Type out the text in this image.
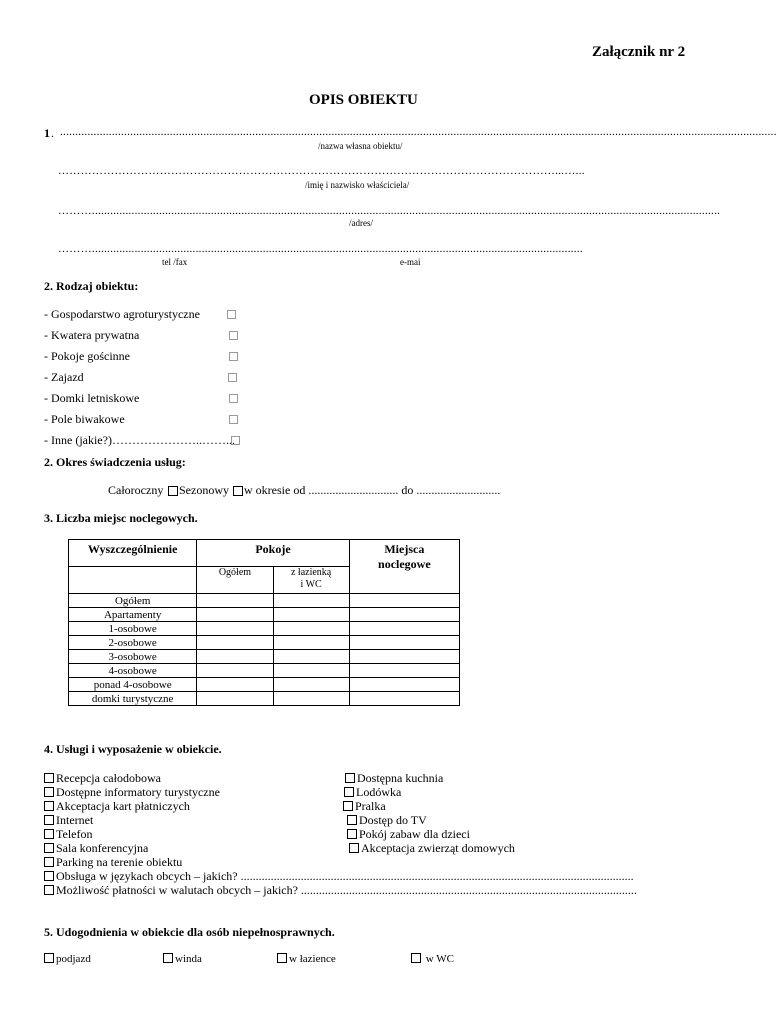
Załącznik nr 2
OPIS OBIEKTU
1 . ...........................................................................................................................................................................................................................................
/nazwa własna obiektu/
……………………………………………………………………………………………………………………...…...
/imię i nazwisko właściciela/
………..............................................................................................................................................................................................................
/adres/
……….................................................................................................................................................................
tel /fax	e-mai
2. Rodzaj obiektu:
- Gospodarstwo agroturystyczne
- Kwatera prywatna
- Pokoje gościnne
- Zajazd
- Domki letniskowe
- Pole biwakowe
- Inne (jakie?)…………………..……...
2. Okres świadczenia usług:
Całoroczny Sezonowy w okresie od .............................. do ............................
3. Liczba miejsc noclegowych.
Wyszczególnienie	Pokoje		Miejsca
noclegowe

	Ogółem	z łazienką
i WC	

Ogółem			
Apartamenty			
1-osobowe			
2-osobowe			
3-osobowe			
4-osobowe			
ponad 4-osobowe			
domki turystyczne			
4. Usługi i wyposażenie w obiekcie.
Recepcja całodobowa
Dostępne informatory turystyczne
Akceptacja kart płatniczych
Internet
Telefon
Sala konferencyjna
Parking na terenie obiektu
Dostępna kuchnia
Lodówka
Pralka
Dostęp do TV
Pokój zabaw dla dzieci
Akceptacja zwierząt domowych
Obsługa w językach obcych – jakich? ...................................................................................................................................
Możliwość płatności w walutach obcych – jakich? ................................................................................................................
5. Udogodnienia w obiekcie dla osób niepełnosprawnych.
podjazd	winda	w łazience	w WC
